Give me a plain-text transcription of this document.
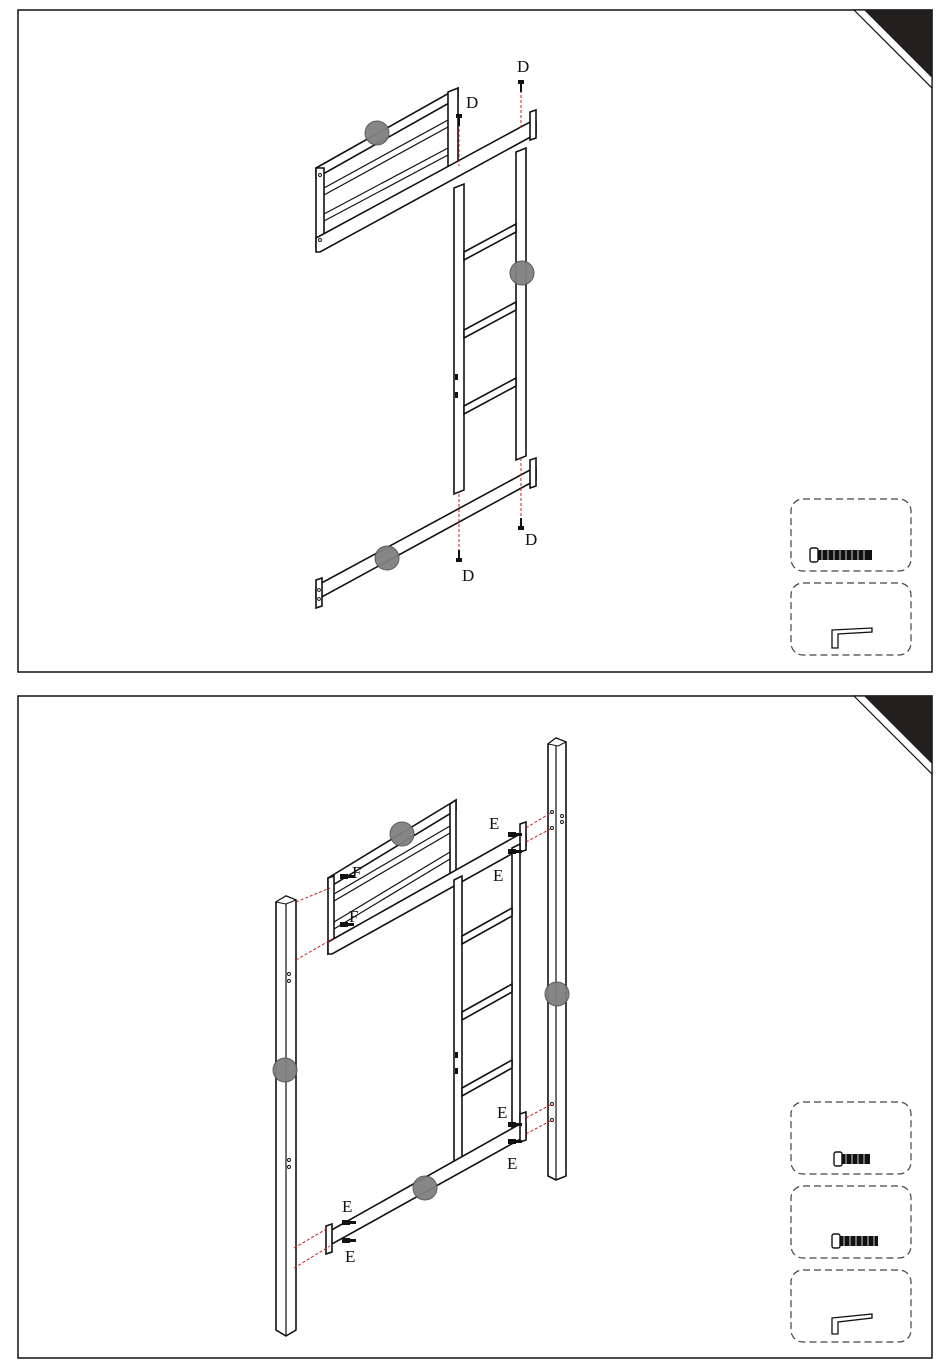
D
D
D
D
E
E
E
E
E
E
F
F
